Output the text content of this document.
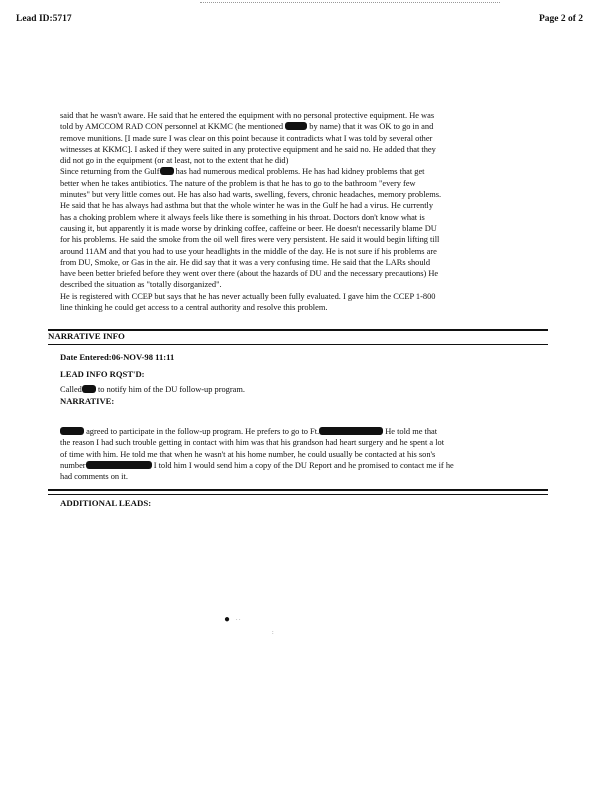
Lead ID:5717	Page 2 of 2

said that he wasn't aware. He said that he entered the equipment with no personal protective equipment. He was

told by AMCCOM RAD CON personnel at KKMC (he mentioned	by name) that it was OK to go in and

remove munitions. [I made sure I was clear on this point because it contradicts what I was told by several other

witnesses at KKMC]. I asked if they were suited in any protective equipment and he said no. He added that they

did not go in the equipment (or at least, not to the extent that he did)

Since returning from the Gulf has had numerous medical problems. He has had kidney problems that get

better when he takes antibiotics. The nature of the problem is that he has to go to the bathroom "every few

minutes" but very little comes out. He has also had warts, swelling, fevers, chronic headaches, memory problems.

He said that he has always had asthma but that the whole winter he was in the Gulf he had a virus. He currently

has a choking problem where it always feels like there is something in his throat. Doctors don't know what is

causing it, but apparently it is made worse by drinking coffee, caffeine or beer. He doesn't necessarily blame DU

for his problems. He said the smoke from the oil well fires were very persistent. He said it would begin lifting till

around 11AM and that you had to use your headlights in the middle of the day. He is not sure if his problems are

from DU, Smoke, or Gas in the air. He did say that it was a very confusing time. He said that the LARs should

have been better briefed before they went over there (about the hazards of DU and the necessary precautions) He

described the situation as "totally disorganized".

He is registered with CCEP but says that he has never actually been fully evaluated. I gave him the CCEP 1-800

line thinking he could get access to a central authority and resolve this problem.

NARRATIVE INFO
Date Entered:06-NOV-98 11:11
LEAD INFO RQST'D:
Called to notify him of the DU follow-up program.
NARRATIVE:

agreed to participate in the follow-up program. He prefers to go to Ft.	He told me that

the reason I had such trouble getting in contact with him was that his grandson had heart surgery and he spent a lot

of time with him. He told me that when he wasn't at his home number, he could usually be contacted at his son's

number	I told him I would send him a copy of the DU Report and he promised to contact me if he

had comments on it.

ADDITIONAL LEADS:
● . .
:
